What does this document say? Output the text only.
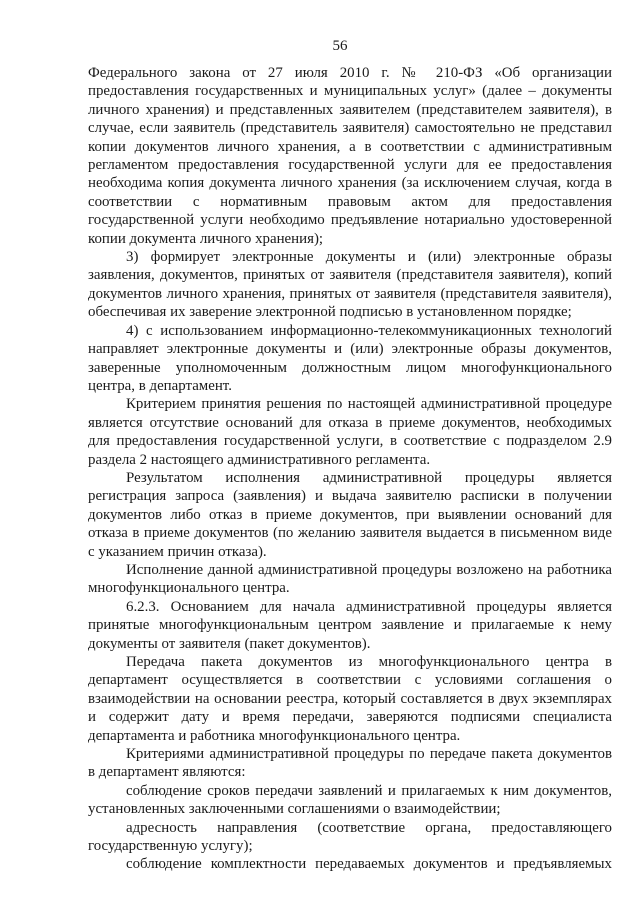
56

Федерального закона от 27 июля 2010 г. № 210-ФЗ «Об организации предоставления государственных и муниципальных услуг» (далее – документы личного хранения) и представленных заявителем (представителем заявителя), в случае, если заявитель (представитель заявителя) самостоятельно не представил копии документов личного хранения, а в соответствии с административным регламентом предоставления государственной услуги для ее предоставления необходима копия документа личного хранения (за исключением случая, когда в соответствии с нормативным правовым актом для предоставления государственной услуги необходимо предъявление нотариально удостоверенной копии документа личного хранения);

3) формирует электронные документы и (или) электронные образы заявления, документов, принятых от заявителя (представителя заявителя), копий документов личного хранения, принятых от заявителя (представителя заявителя), обеспечивая их заверение электронной подписью в установленном порядке;

4) с использованием информационно-телекоммуникационных технологий направляет электронные документы и (или) электронные образы документов, заверенные уполномоченным должностным лицом многофункционального центра, в департамент.

Критерием принятия решения по настоящей административной процедуре является отсутствие оснований для отказа в приеме документов, необходимых для предоставления государственной услуги, в соответствие с подразделом 2.9 раздела 2 настоящего административного регламента.

Результатом исполнения административной процедуры является регистрация запроса (заявления) и выдача заявителю расписки в получении документов либо отказ в приеме документов, при выявлении оснований для отказа в приеме документов (по желанию заявителя выдается в письменном виде с указанием причин отказа).

Исполнение данной административной процедуры возложено на работника многофункционального центра.

6.2.3. Основанием для начала административной процедуры является принятые многофункциональным центром заявление и прилагаемые к нему документы от заявителя (пакет документов).

Передача пакета документов из многофункционального центра в департамент осуществляется в соответствии с условиями соглашения о взаимодействии на основании реестра, который составляется в двух экземплярах и содержит дату и время передачи, заверяются подписями специалиста департамента и работника многофункционального центра.

Критериями административной процедуры по передаче пакета документов в департамент являются:

соблюдение сроков передачи заявлений и прилагаемых к ним документов, установленных заключенными соглашениями о взаимодействии;

адресность направления (соответствие органа, предоставляющего государственную услугу);

соблюдение комплектности передаваемых документов и предъявляемых
